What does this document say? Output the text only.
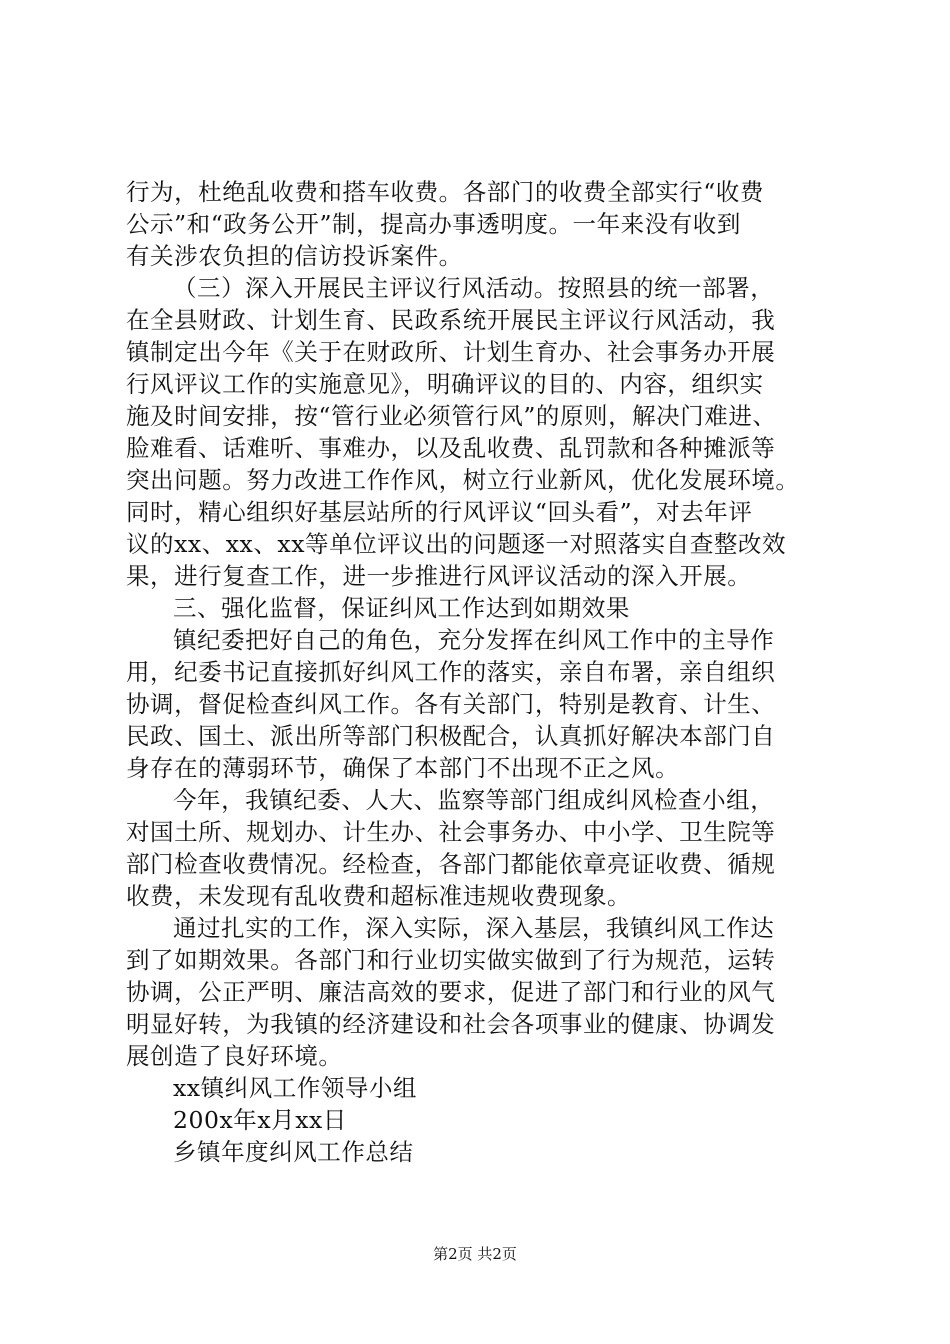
行为，杜绝乱收费和搭车收费。各部门的收费全部实行“收费
公示”和“政务公开”制，提高办事透明度。一年来没有收到
有关涉农负担的信访投诉案件。
（三）深入开展民主评议行风活动。按照县的统一部署，
在全县财政、计划生育、民政系统开展民主评议行风活动，我
镇制定出今年《关于在财政所、计划生育办、社会事务办开展
行风评议工作的实施意见》，明确评议的目的、内容，组织实
施及时间安排，按“管行业必须管行风”的原则，解决门难进、
脸难看、话难听、事难办，以及乱收费、乱罚款和各种摊派等
突出问题。努力改进工作作风，树立行业新风，优化发展环境。
同时，精心组织好基层站所的行风评议“回头看”，对去年评
议的xx、xx、xx等单位评议出的问题逐一对照落实自查整改效
果，进行复查工作，进一步推进行风评议活动的深入开展。
三、强化监督，保证纠风工作达到如期效果
镇纪委把好自己的角色，充分发挥在纠风工作中的主导作
用，纪委书记直接抓好纠风工作的落实，亲自布署，亲自组织
协调，督促检查纠风工作。各有关部门，特别是教育、计生、
民政、国土、派出所等部门积极配合，认真抓好解决本部门自
身存在的薄弱环节，确保了本部门不出现不正之风。
今年，我镇纪委、人大、监察等部门组成纠风检查小组，
对国土所、规划办、计生办、社会事务办、中小学、卫生院等
部门检查收费情况。经检查，各部门都能依章亮证收费、循规
收费，未发现有乱收费和超标准违规收费现象。
通过扎实的工作，深入实际，深入基层，我镇纠风工作达
到了如期效果。各部门和行业切实做实做到了行为规范，运转
协调，公正严明、廉洁高效的要求，促进了部门和行业的风气
明显好转，为我镇的经济建设和社会各项事业的健康、协调发
展创造了良好环境。
xx镇纠风工作领导小组
200x年x月xx日
乡镇年度纠风工作总结
第2页 共2页
